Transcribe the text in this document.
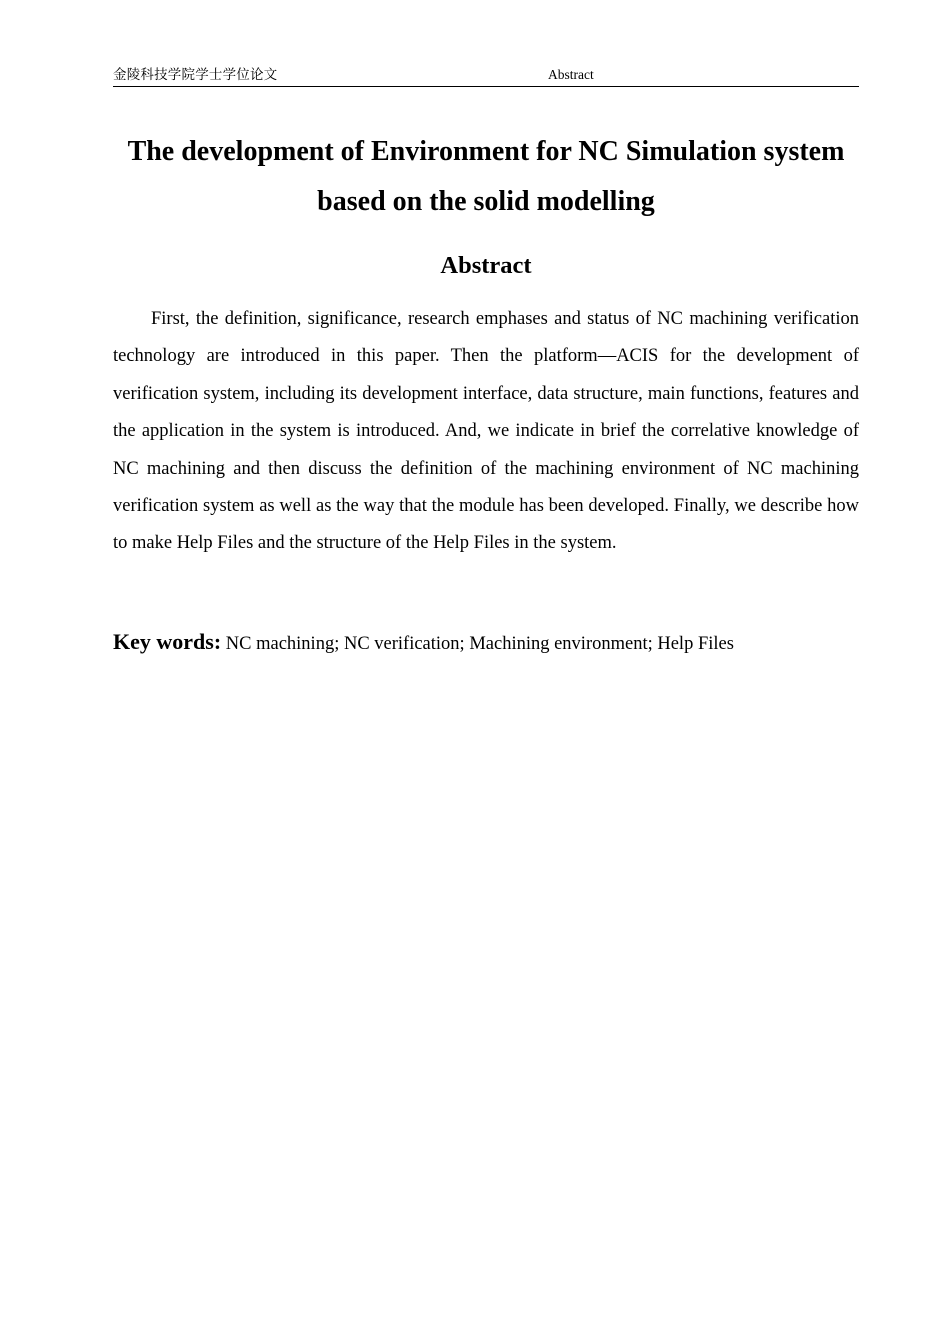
金陵科技学院学士学位论文	Abstract
The development of Environment for NC Simulation system
based on the solid modelling
Abstract

First, the definition, significance, research emphases and status of NC machining verification technology are introduced in this paper. Then the platform—ACIS for the development of verification system, including its development interface, data structure, main functions, features and the application in the system is introduced. And, we indicate in brief the correlative knowledge of NC machining and then discuss the definition of the machining environment of NC machining verification system as well as the way that the module has been developed. Finally, we describe how to make Help Files and the structure of the Help Files in the system.

Key words: NC machining; NC verification; Machining environment; Help Files
